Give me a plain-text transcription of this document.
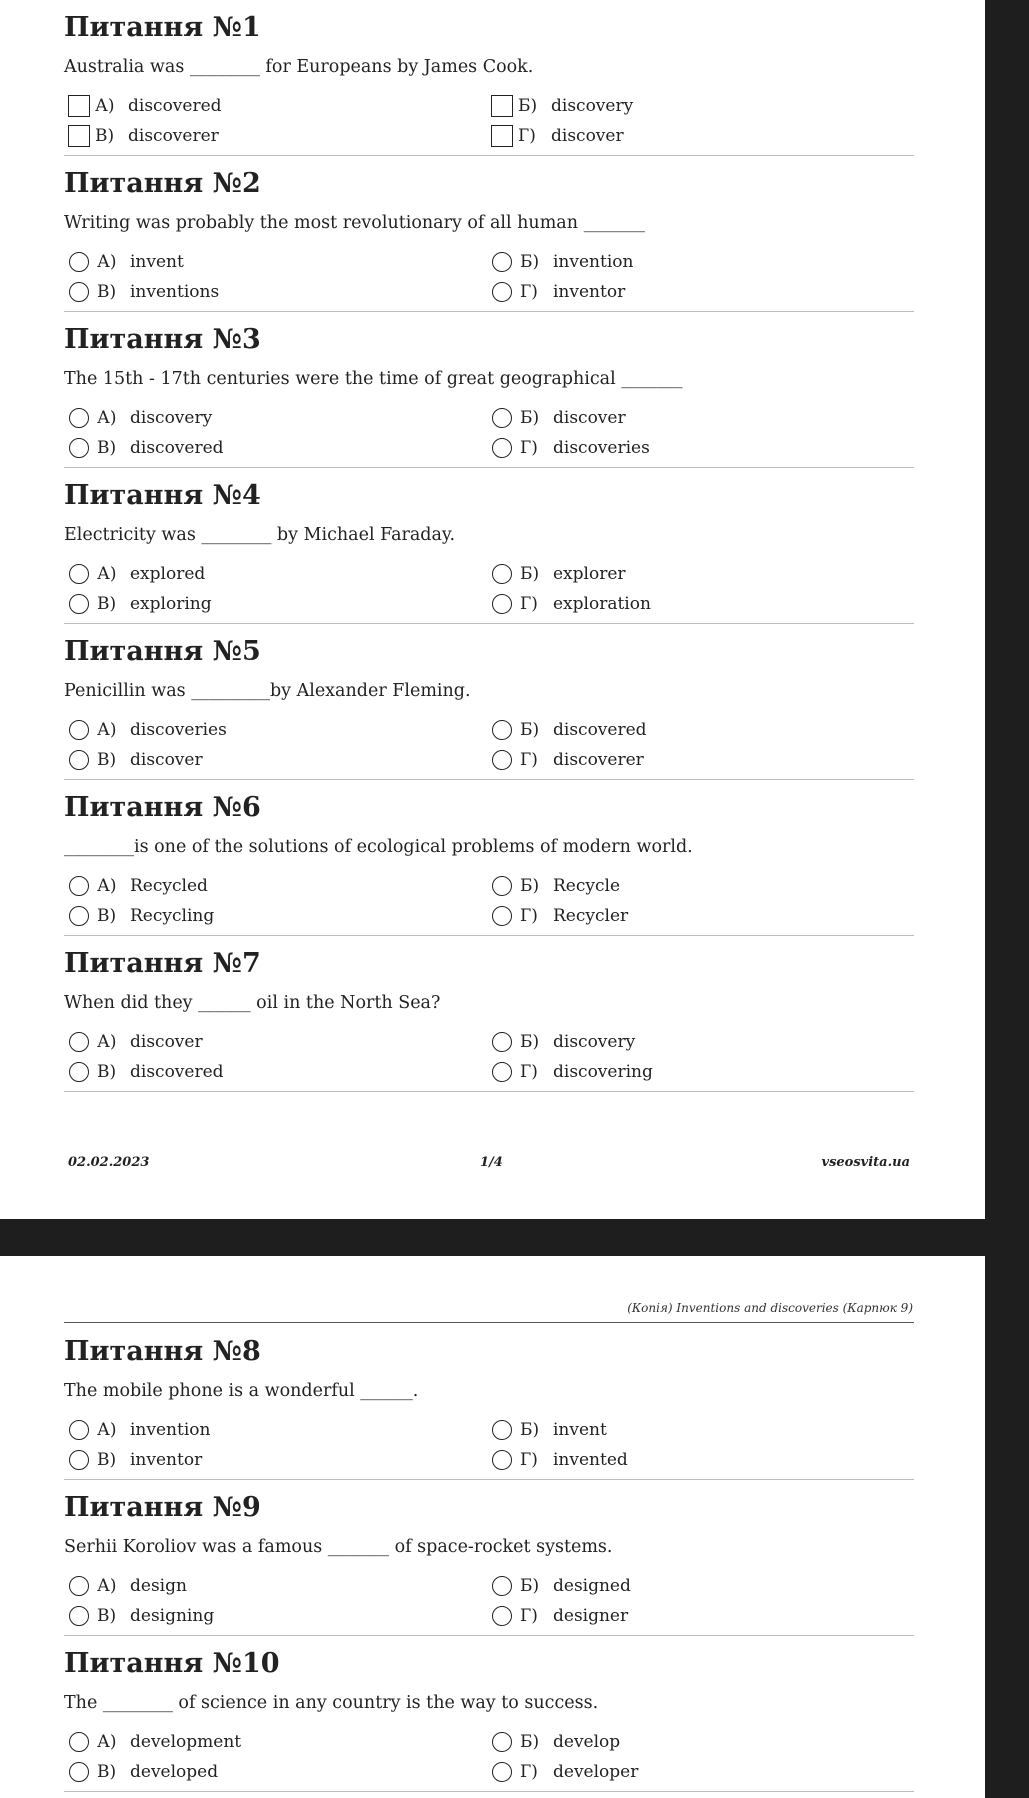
Питання №1
Australia was ________ for Europeans by James Cook.
А) discovered	Б) discovery
В) discoverer	Г) discover
Питання №2
Writing was probably the most revolutionary of all human _______
А) invent	Б) invention
В) inventions	Г) inventor
Питання №3
The 15th - 17th centuries were the time of great geographical _______
А) discovery	Б) discover
В) discovered	Г) discoveries
Питання №4
Electricity was ________ by Michael Faraday.
А) explored	Б) explorer
В) exploring	Г) exploration
Питання №5
Penicillin was _________by Alexander Fleming.
А) discoveries	Б) discovered
В) discover	Г) discoverer
Питання №6
________is one of the solutions of ecological problems of modern world.
А) Recycled	Б) Recycle
В) Recycling	Г) Recycler
Питання №7
When did they ______ oil in the North Sea?
А) discover	Б) discovery
В) discovered	Г) discovering
02.02.2023	1/4	vseosvita.ua
(Копія) Inventions and discoveries (Карпюк 9)
Питання №8
The mobile phone is a wonderful ______.
А) invention	Б) invent
В) inventor	Г) invented
Питання №9
Serhii Koroliov was a famous _______ of space-rocket systems.
А) design	Б) designed
В) designing	Г) designer
Питання №10
The ________ of science in any country is the way to success.
А) development	Б) develop
В) developed	Г) developer
